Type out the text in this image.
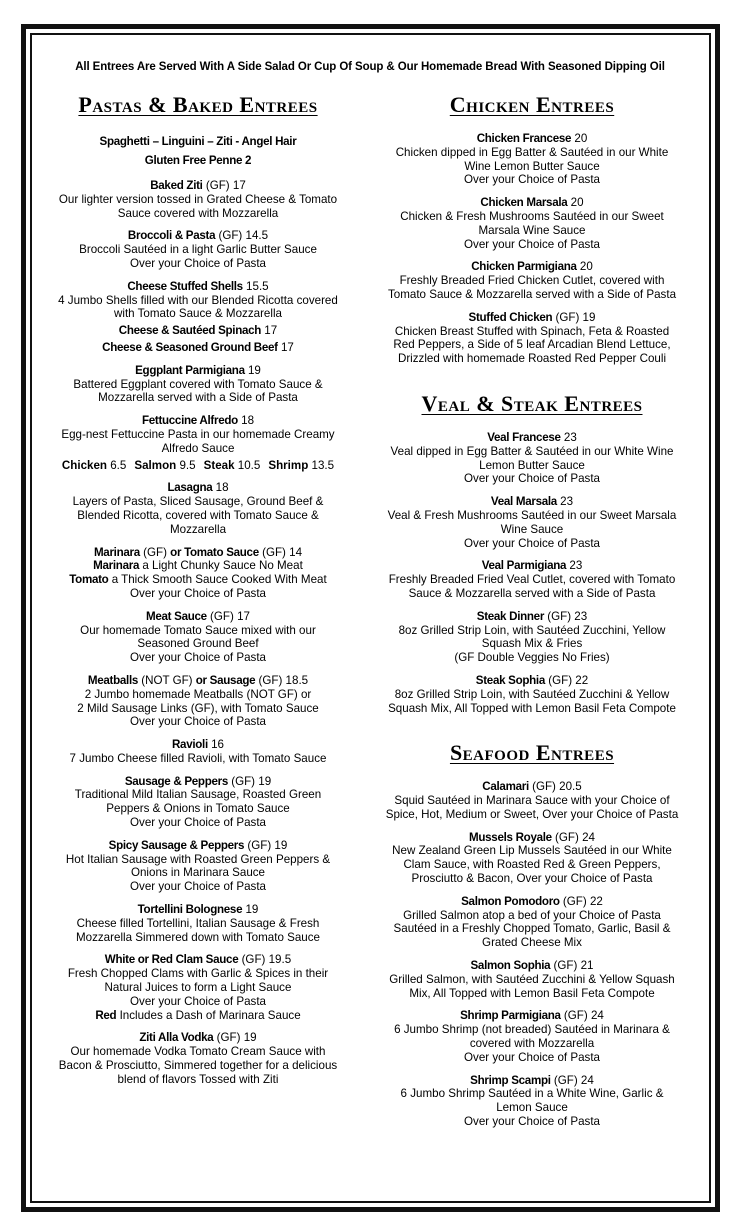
All Entrees Are Served With A Side Salad Or Cup Of Soup & Our Homemade Bread With Seasoned Dipping Oil
Pastas & Baked Entrees
Spaghetti – Linguini – Ziti - Angel Hair
Gluten Free Penne 2
Baked Ziti (GF) 17
Our lighter version tossed in Grated Cheese & Tomato
Sauce covered with Mozzarella
Broccoli & Pasta (GF) 14.5
Broccoli Sautéed in a light Garlic Butter Sauce
Over your Choice of Pasta
Cheese Stuffed Shells 15.5
4 Jumbo Shells filled with our Blended Ricotta covered
with Tomato Sauce & Mozzarella
Cheese & Sautéed Spinach 17
Cheese & Seasoned Ground Beef 17
Eggplant Parmigiana 19
Battered Eggplant covered with Tomato Sauce &
Mozzarella served with a Side of Pasta
Fettuccine Alfredo 18
Egg-nest Fettuccine Pasta in our homemade Creamy
Alfredo Sauce
Chicken 6.5 Salmon 9.5 Steak 10.5 Shrimp 13.5
Lasagna 18
Layers of Pasta, Sliced Sausage, Ground Beef &
Blended Ricotta, covered with Tomato Sauce &
Mozzarella
Marinara (GF) or Tomato Sauce (GF) 14
Marinara a Light Chunky Sauce No Meat
Tomato a Thick Smooth Sauce Cooked With Meat
Over your Choice of Pasta
Meat Sauce (GF) 17
Our homemade Tomato Sauce mixed with our
Seasoned Ground Beef
Over your Choice of Pasta
Meatballs (NOT GF) or Sausage (GF) 18.5
2 Jumbo homemade Meatballs (NOT GF) or
2 Mild Sausage Links (GF), with Tomato Sauce
Over your Choice of Pasta
Ravioli 16
7 Jumbo Cheese filled Ravioli, with Tomato Sauce
Sausage & Peppers (GF) 19
Traditional Mild Italian Sausage, Roasted Green
Peppers & Onions in Tomato Sauce
Over your Choice of Pasta
Spicy Sausage & Peppers (GF) 19
Hot Italian Sausage with Roasted Green Peppers &
Onions in Marinara Sauce
Over your Choice of Pasta
Tortellini Bolognese 19
Cheese filled Tortellini, Italian Sausage & Fresh
Mozzarella Simmered down with Tomato Sauce
White or Red Clam Sauce (GF) 19.5
Fresh Chopped Clams with Garlic & Spices in their
Natural Juices to form a Light Sauce
Over your Choice of Pasta
Red Includes a Dash of Marinara Sauce
Ziti Alla Vodka (GF) 19
Our homemade Vodka Tomato Cream Sauce with
Bacon & Prosciutto, Simmered together for a delicious
blend of flavors Tossed with Ziti
Chicken Entrees
Chicken Francese 20
Chicken dipped in Egg Batter & Sautéed in our White
Wine Lemon Butter Sauce
Over your Choice of Pasta
Chicken Marsala 20
Chicken & Fresh Mushrooms Sautéed in our Sweet
Marsala Wine Sauce
Over your Choice of Pasta
Chicken Parmigiana 20
Freshly Breaded Fried Chicken Cutlet, covered with
Tomato Sauce & Mozzarella served with a Side of Pasta
Stuffed Chicken (GF) 19
Chicken Breast Stuffed with Spinach, Feta & Roasted
Red Peppers, a Side of 5 leaf Arcadian Blend Lettuce,
Drizzled with homemade Roasted Red Pepper Couli
Veal & Steak Entrees
Veal Francese 23
Veal dipped in Egg Batter & Sautéed in our White Wine
Lemon Butter Sauce
Over your Choice of Pasta
Veal Marsala 23
Veal & Fresh Mushrooms Sautéed in our Sweet Marsala
Wine Sauce
Over your Choice of Pasta
Veal Parmigiana 23
Freshly Breaded Fried Veal Cutlet, covered with Tomato
Sauce & Mozzarella served with a Side of Pasta
Steak Dinner (GF) 23
8oz Grilled Strip Loin, with Sautéed Zucchini, Yellow
Squash Mix & Fries
(GF Double Veggies No Fries)
Steak Sophia (GF) 22
8oz Grilled Strip Loin, with Sautéed Zucchini & Yellow
Squash Mix, All Topped with Lemon Basil Feta Compote
Seafood Entrees
Calamari (GF) 20.5
Squid Sautéed in Marinara Sauce with your Choice of
Spice, Hot, Medium or Sweet, Over your Choice of Pasta
Mussels Royale (GF) 24
New Zealand Green Lip Mussels Sautéed in our White
Clam Sauce, with Roasted Red & Green Peppers,
Prosciutto & Bacon, Over your Choice of Pasta
Salmon Pomodoro (GF) 22
Grilled Salmon atop a bed of your Choice of Pasta
Sautéed in a Freshly Chopped Tomato, Garlic, Basil &
Grated Cheese Mix
Salmon Sophia (GF) 21
Grilled Salmon, with Sautéed Zucchini & Yellow Squash
Mix, All Topped with Lemon Basil Feta Compote
Shrimp Parmigiana (GF) 24
6 Jumbo Shrimp (not breaded) Sautéed in Marinara &
covered with Mozzarella
Over your Choice of Pasta
Shrimp Scampi (GF) 24
6 Jumbo Shrimp Sautéed in a White Wine, Garlic &
Lemon Sauce
Over your Choice of Pasta
